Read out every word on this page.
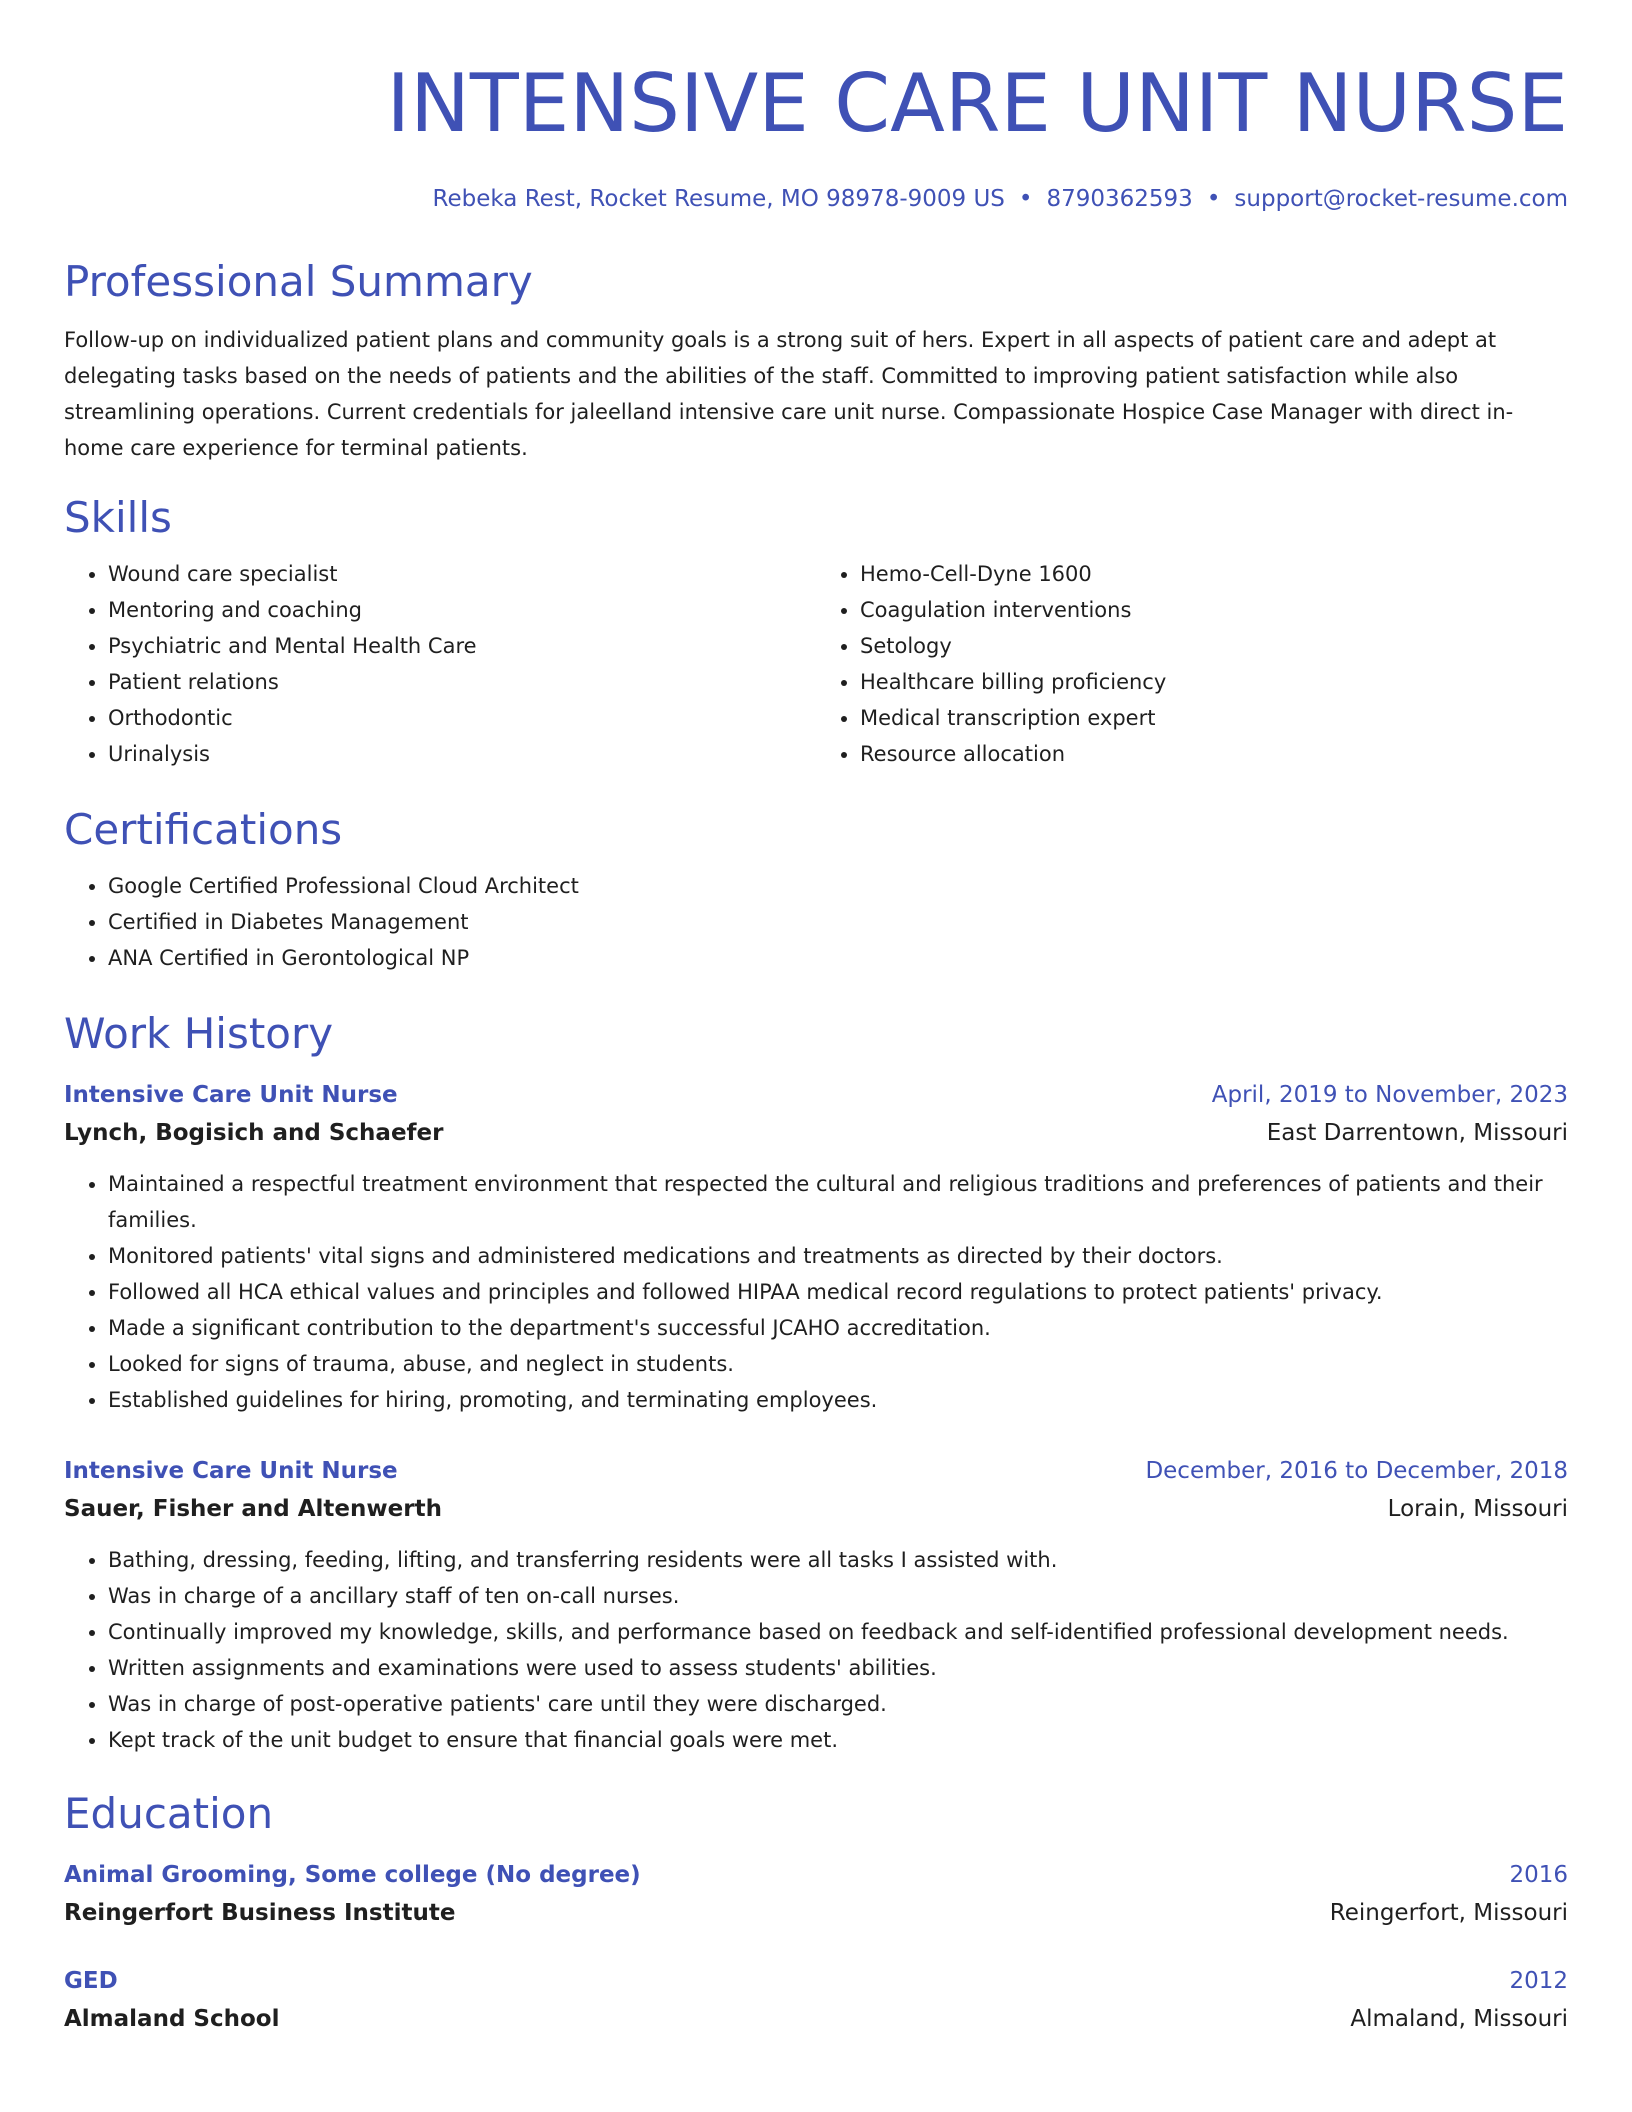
INTENSIVE CARE UNIT NURSE
Rebeka Rest, Rocket Resume, MO 98978-9009 US • 8790362593 • support@rocket-resume.com
Professional Summary
Follow-up on individualized patient plans and community goals is a strong suit of hers. Expert in all aspects of patient care and adept at delegating tasks based on the needs of patients and the abilities of the staff. Committed to improving patient satisfaction while also streamlining operations. Current credentials for jaleelland intensive care unit nurse. Compassionate Hospice Case Manager with direct in-home care experience for terminal patients.
Skills
• Wound care specialist
• Mentoring and coaching
• Psychiatric and Mental Health Care
• Patient relations
• Orthodontic
• Urinalysis
• Hemo-Cell-Dyne 1600
• Coagulation interventions
• Setology
• Healthcare billing proficiency
• Medical transcription expert
• Resource allocation
Certifications
• Google Certified Professional Cloud Architect
• Certified in Diabetes Management
• ANA Certified in Gerontological NP
Work History
Intensive Care Unit Nurse	April, 2019 to November, 2023
Lynch, Bogisich and Schaefer	East Darrentown, Missouri
• Maintained a respectful treatment environment that respected the cultural and religious traditions and preferences of patients and their families.
• Monitored patients' vital signs and administered medications and treatments as directed by their doctors.
• Followed all HCA ethical values and principles and followed HIPAA medical record regulations to protect patients' privacy.
• Made a significant contribution to the department's successful JCAHO accreditation.
• Looked for signs of trauma, abuse, and neglect in students.
• Established guidelines for hiring, promoting, and terminating employees.
Intensive Care Unit Nurse	December, 2016 to December, 2018
Sauer, Fisher and Altenwerth	Lorain, Missouri
• Bathing, dressing, feeding, lifting, and transferring residents were all tasks I assisted with.
• Was in charge of a ancillary staff of ten on-call nurses.
• Continually improved my knowledge, skills, and performance based on feedback and self-identified professional development needs.
• Written assignments and examinations were used to assess students' abilities.
• Was in charge of post-operative patients' care until they were discharged.
• Kept track of the unit budget to ensure that financial goals were met.
Education
Animal Grooming, Some college (No degree)	2016
Reingerfort Business Institute	Reingerfort, Missouri
GED	2012
Almaland School	Almaland, Missouri
